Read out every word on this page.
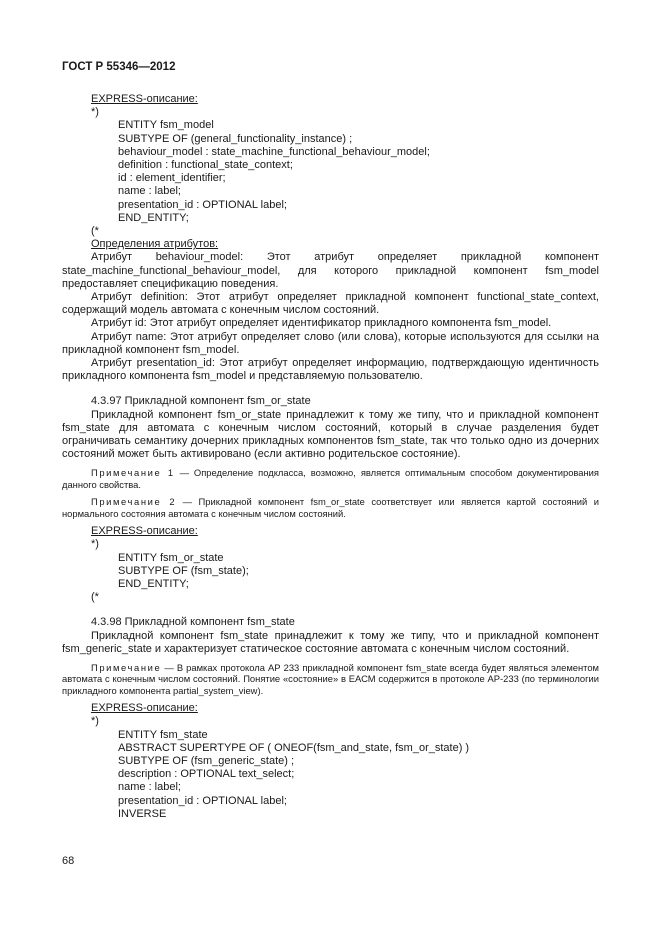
ГОСТ Р 55346—2012
EXPRESS-описание:
*)
ENTITY fsm_model
SUBTYPE OF (general_functionality_instance) ;
behaviour_model : state_machine_functional_behaviour_model;
definition : functional_state_context;
id : element_identifier;
name : label;
presentation_id : OPTIONAL label;
END_ENTITY;
(*
Определения атрибутов:

Атрибут behaviour_model: Этот атрибут определяет прикладной компонент state_machine_functional_behaviour_model, для которого прикладной компонент fsm_model предоставляет спецификацию поведения.

Атрибут definition: Этот атрибут определяет прикладной компонент functional_state_context, содержащий модель автомата с конечным числом состояний.

Атрибут id: Этот атрибут определяет идентификатор прикладного компонента fsm_model.

Атрибут name: Этот атрибут определяет слово (или слова), которые используются для ссылки на прикладной компонент fsm_model.

Атрибут presentation_id: Этот атрибут определяет информацию, подтверждающую идентичность прикладного компонента fsm_model и представляемую пользователю.

4.3.97 Прикладной компонент fsm_or_state

Прикладной компонент fsm_or_state принадлежит к тому же типу, что и прикладной компонент fsm_state для автомата с конечным числом состояний, который в случае разделения будет ограничивать семантику дочерних прикладных компонентов fsm_state, так что только одно из дочерних состояний может быть активировано (если активно родительское состояние).

Примечание 1 — Определение подкласса, возможно, является оптимальным способом документирования данного свойства.

Примечание 2 — Прикладной компонент fsm_or_state соответствует или является картой состояний и нормального состояния автомата с конечным числом состояний.

EXPRESS-описание:
*)
ENTITY fsm_or_state
SUBTYPE OF (fsm_state);
END_ENTITY;
(*
4.3.98 Прикладной компонент fsm_state

Прикладной компонент fsm_state принадлежит к тому же типу, что и прикладной компонент fsm_generic_state и характеризует статическое состояние автомата с конечным числом состояний.

Примечание — В рамках протокола АР 233 прикладной компонент fsm_state всегда будет являться элементом автомата с конечным числом состояний. Понятие «состояние» в ЕАСМ содержится в протоколе АР-233 (по терминологии прикладного компонента partial_system_view).

EXPRESS-описание:
*)
ENTITY fsm_state
ABSTRACT SUPERTYPE OF ( ONEOF(fsm_and_state, fsm_or_state) )
SUBTYPE OF (fsm_generic_state) ;
description : OPTIONAL text_select;
name : label;
presentation_id : OPTIONAL label;
INVERSE
68
